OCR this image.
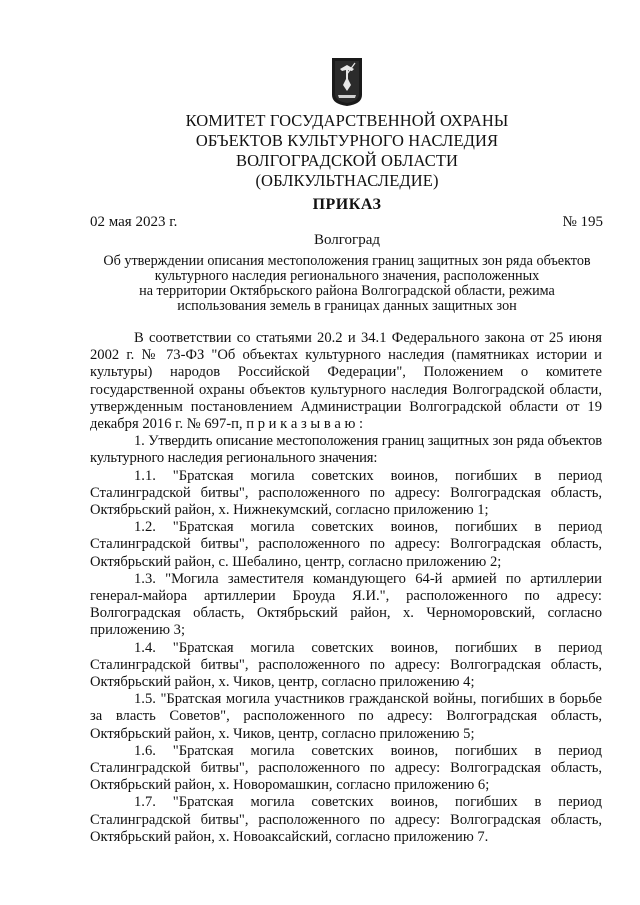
КОМИТЕТ ГОСУДАРСТВЕННОЙ ОХРАНЫ
ОБЪЕКТОВ КУЛЬТУРНОГО НАСЛЕДИЯ
ВОЛГОГРАДСКОЙ ОБЛАСТИ
(ОБЛКУЛЬТНАСЛЕДИЕ)
ПРИКАЗ
02 мая 2023 г.	№ 195
Волгоград
Об утверждении описания местоположения границ защитных зон ряда объектов
культурного наследия регионального значения, расположенных
на территории Октябрьского района Волгоградской области, режима
использования земель в границах данных защитных зон

В соответствии со статьями 20.2 и 34.1 Федерального закона от 25 июня 2002 г. № 73-ФЗ "Об объектах культурного наследия (памятниках истории и культуры) народов Российской Федерации", Положением о комитете государственной охраны объектов культурного наследия Волгоградской области, утвержденным постановлением Администрации Волгоградской области от 19 декабря 2016 г. № 697-п, п р и к а з ы в а ю :

1. Утвердить описание местоположения границ защитных зон ряда объектов культурного наследия регионального значения:

1.1. "Братская могила советских воинов, погибших в период Сталинградской битвы", расположенного по адресу: Волгоградская область, Октябрьский район, х. Нижнекумский, согласно приложению 1;

1.2. "Братская могила советских воинов, погибших в период Сталинградской битвы", расположенного по адресу: Волгоградская область, Октябрьский район, с. Шебалино, центр, согласно приложению 2;

1.3. "Могила заместителя командующего 64-й армией по артиллерии генерал-майора артиллерии Броуда Я.И.", расположенного по адресу: Волгоградская область, Октябрьский район, х. Черноморовский, согласно приложению 3;

1.4. "Братская могила советских воинов, погибших в период Сталинградской битвы", расположенного по адресу: Волгоградская область, Октябрьский район, х. Чиков, центр, согласно приложению 4;

1.5. "Братская могила участников гражданской войны, погибших в борьбе за власть Советов", расположенного по адресу: Волгоградская область, Октябрьский район, х. Чиков, центр, согласно приложению 5;

1.6. "Братская могила советских воинов, погибших в период Сталинградской битвы", расположенного по адресу: Волгоградская область, Октябрьский район, х. Новоромашкин, согласно приложению 6;

1.7. "Братская могила советских воинов, погибших в период Сталинградской битвы", расположенного по адресу: Волгоградская область, Октябрьский район, х. Новоаксайский, согласно приложению 7.
